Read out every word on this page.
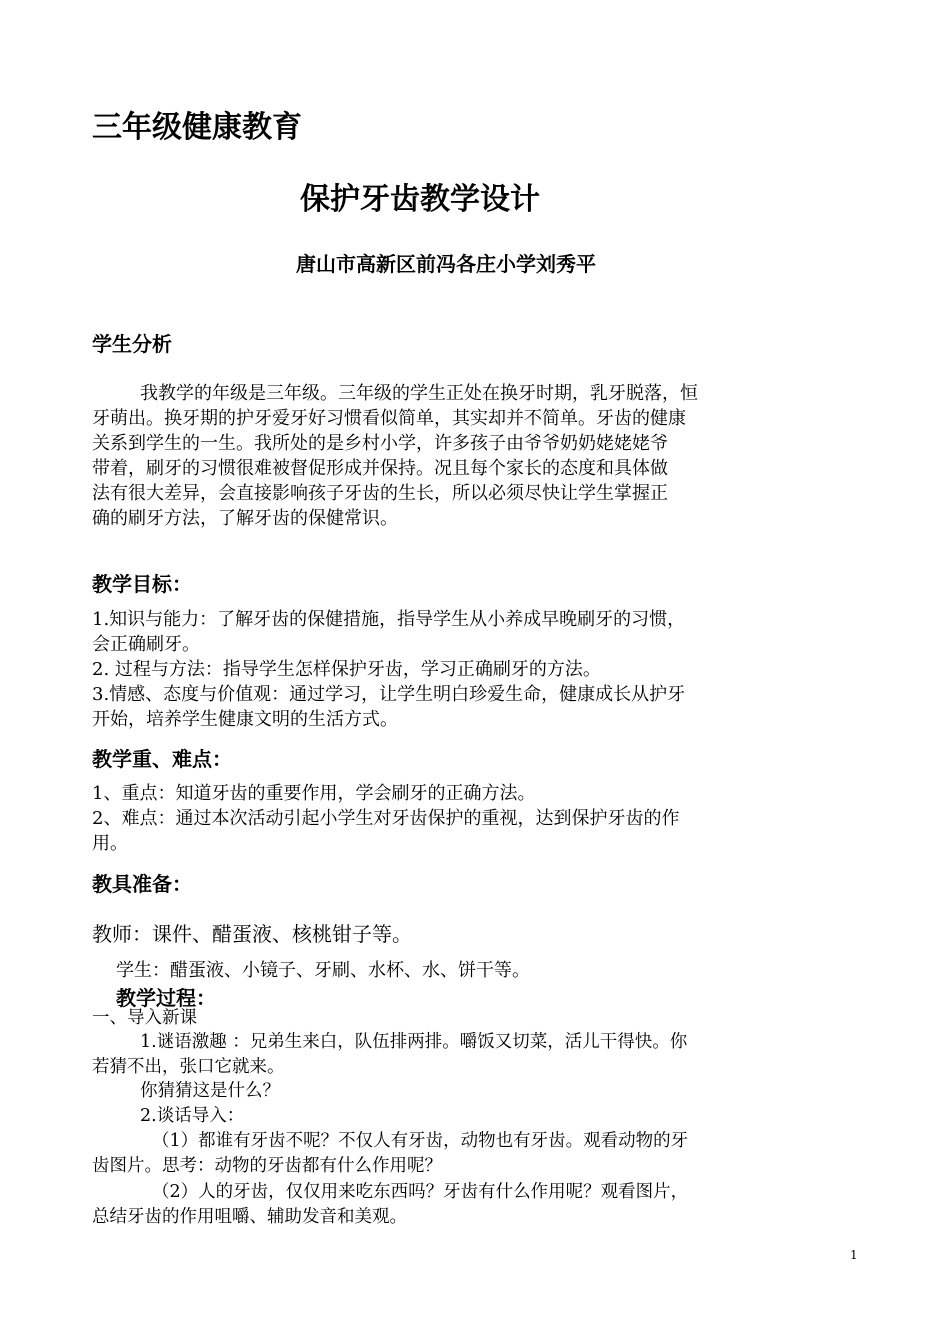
三年级健康教育
保护牙齿教学设计
唐山市高新区前冯各庄小学刘秀平
学生分析
我教学的年级是三年级。三年级的学生正处在换牙时期，乳牙脱落，恒
牙萌出。换牙期的护牙爱牙好习惯看似简单，其实却并不简单。牙齿的健康
关系到学生的一生。我所处的是乡村小学，许多孩子由爷爷奶奶姥姥姥爷
带着，刷牙的习惯很难被督促形成并保持。况且每个家长的态度和具体做
法有很大差异，会直接影响孩子牙齿的生长，所以必须尽快让学生掌握正
确的刷牙方法，了解牙齿的保健常识。
教学目标：
1.知识与能力：了解牙齿的保健措施，指导学生从小养成早晚刷牙的习惯，
会正确刷牙。
2. 过程与方法：指导学生怎样保护牙齿，学习正确刷牙的方法。
3.情感、态度与价值观：通过学习，让学生明白珍爱生命，健康成长从护牙
开始，培养学生健康文明的生活方式。
教学重、难点：
1、重点：知道牙齿的重要作用，学会刷牙的正确方法。
2、难点：通过本次活动引起小学生对牙齿保护的重视，达到保护牙齿的作
用。
教具准备：
教师：课件、醋蛋液、核桃钳子等。
学生：醋蛋液、小镜子、牙刷、水杯、水、饼干等。
教学过程：
一、导入新课
1.谜语激趣 ：兄弟生来白，队伍排两排。嚼饭又切菜，活儿干得快。你
若猜不出，张口它就来。
你猜猜这是什么？
2.谈话导入：
（1）都谁有牙齿不呢？不仅人有牙齿，动物也有牙齿。观看动物的牙
齿图片。思考：动物的牙齿都有什么作用呢？
（2）人的牙齿，仅仅用来吃东西吗？牙齿有什么作用呢？观看图片，
总结牙齿的作用咀嚼、辅助发音和美观。
1
